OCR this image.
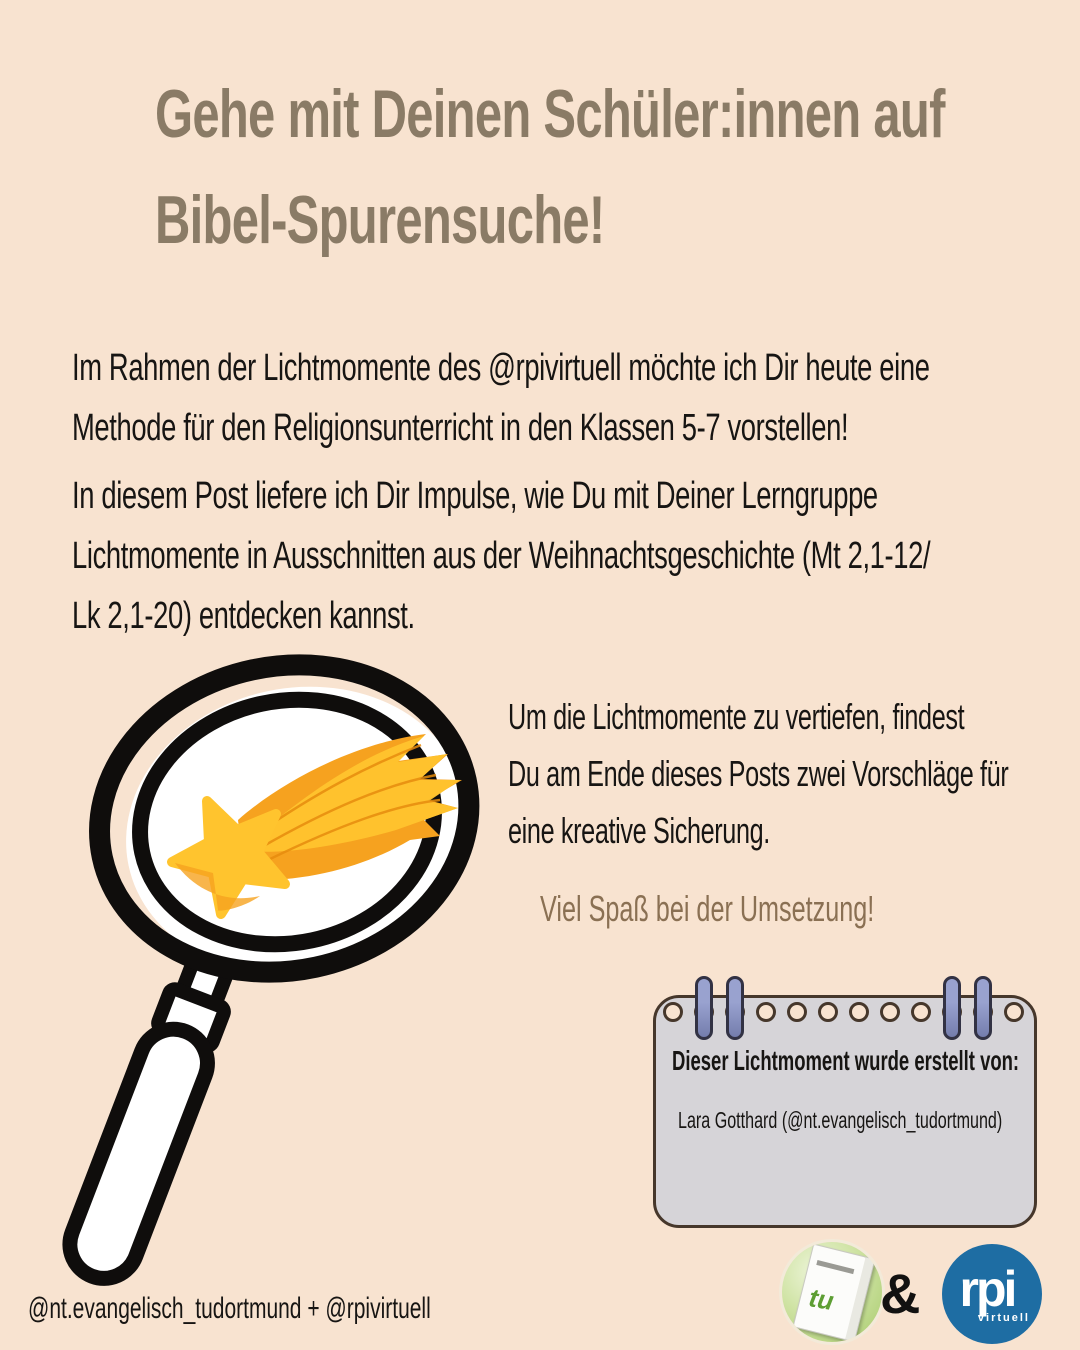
Gehe mit Deinen Schüler:innen auf
Bibel-Spurensuche!
Im Rahmen der Lichtmomente des @rpivirtuell möchte ich Dir heute eine
Methode für den Religionsunterricht in den Klassen 5-7 vorstellen!
In diesem Post liefere ich Dir Impulse, wie Du mit Deiner Lerngruppe
Lichtmomente in Ausschnitten aus der Weihnachtsgeschichte (Mt 2,1-12/
Lk 2,1-20) entdecken kannst.
Um die Lichtmomente zu vertiefen, findest
Du am Ende dieses Posts zwei Vorschläge für
eine kreative Sicherung.
Viel Spaß bei der Umsetzung!
Dieser Lichtmoment wurde erstellt von:
Lara Gotthard (@nt.evangelisch_tudortmund)
@nt.evangelisch_tudortmund + @rpivirtuell	tu & rpi
virtuell
